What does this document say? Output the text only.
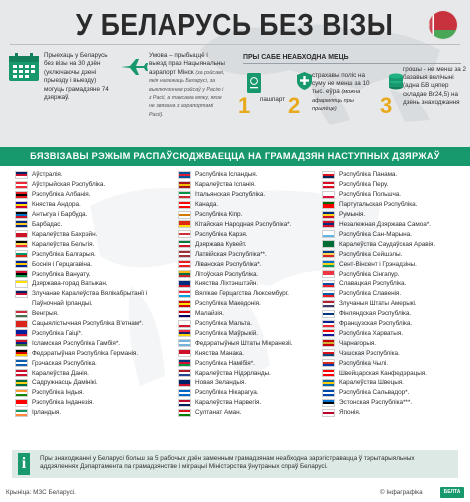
У БЕЛАРУСЬ БЕЗ ВІЗЫ
Прыехаць у Беларусь без візы на 30 дзён (уключаючы дзені прыезду і выезду) могуць грамадзяне 74 дзяржаў.
Умова – прыбыццё і выезд праз Нацыянальны аэрапорт Мінск (за рэйсамі, якія належаць Беларусі, за выключэннем рэйсаў у Расію і з Расіі, а таксама мяжу, якое не звязана з аэрапортамі Расіі).
ПРЫ САБЕ НЕАБХОДНА МЕЦЬ
1 пашпарт 2
страхавы поліс на суму не менш за 10 тыс. еўра (можна афармляць пры прылёце)	3
грошы - не менш за 2 базавыя велічыні (адна БВ цяпер складае Br24,5) на дзень знаходжання
БЯЗВІЗАВЫ РЭЖЫМ РАСПАЎСЮДЖВАЕЦЦА НА ГРАМАДЗЯН НАСТУПНЫХ ДЗЯРЖАЎ
Аўстралія.
Аўстрыйская Рэспубліка.
Рэспубліка Албанія.
Княства Андора.
Антыгуа і Барбуда.
Барбадас.
Каралеўства Бахрэйн.
Каралеўства Бельгія.
Рэспубліка Балгарыя.
Боснія і Герцагавіна.
Рэспубліка Вануату.
Дзяржава-горад Ватыкан.
Злучанае Каралеўства Вялікабрытанії і
Паўночнай Ірландыі.
Венгрыя.
Сацыялістычная Рэспубліка В'етнам*.
Рэспубліка Гаіці*.
Ісламская Рэспубліка Гамбія*.
Федэратыўная Рэспубліка Германія.
Грэчаская Рэспубліка.
Каралеўства Данія.
Садружнасць Дамінікі.
Рэспубліка Індыя.
Рэспубліка Інданезія.
Ірландыя.
Рэспубліка Ісландыя.
Каралеўства Іспанія.
Італьянская Рэспубліка.
Канада.
Рэспубліка Кіпр.
Кітайская Народная Рэспубліка*.
Рэспубліка Карэя.
Дзяржава Кувейт.
Латвійская Рэспубліка**.
Ліванская Рэспубліка*.
Літоўская Рэспубліка.
Княства Ліхтэнштэйн.
Вялікае Герцагства Люксембург.
Рэспубліка Македонія.
Малайзія.
Рэспубліка Мальта.
Рэспубліка Маўрыкій.
Федэратыўныя Штаты Мікранезіі.
Княства Манака.
Рэспубліка Намібія*.
Каралеўства Нідэрланды.
Новая Зеландыя.
Рэспубліка Нікарагуа.
Каралеўства Нарвегія.
Султанат Аман.
Рэспубліка Панама.
Рэспубліка Перу.
Рэспубліка Польшча.
Партугальская Рэспубліка.
Румынія.
Незалежная Дзяржава Самоа*.
Рэспубліка Сан-Марына.
Каралеўства Саудаўская Аравія.
Рэспубліка Сейшэлы.
Сент-Вінсент і Грэнадзіны.
Рэспубліка Сінгапур.
Славацкая Рэспубліка.
Рэспубліка Славенія.
Злучаныя Штаты Амерыкі.
Фінляндская Рэспубліка.
Французская Рэспубліка.
Рэспубліка Харватыя.
Чарнагорыя.
Чэшская Рэспубліка.
Рэспубліка Чылі.
Швейцарская Канфедэрацыя.
Каралеўства Швецыя.
Рэспубліка Сальвадор*.
Эстонская Рэспубліка***.
Японія.
i	Пры знаходжанні у Беларусі больш за 5 рабочых дзён заменным грамадзянам неабходна зарэгістравацца ў тэрытарыяльных аддзяленнях Дэпартамента па грамадзянстве і міграцыі Міністэрства ўнутраных спраў Беларусі.
Крыніца: МЗС Беларусі.	© Інфаграфіка	БЕЛТА
